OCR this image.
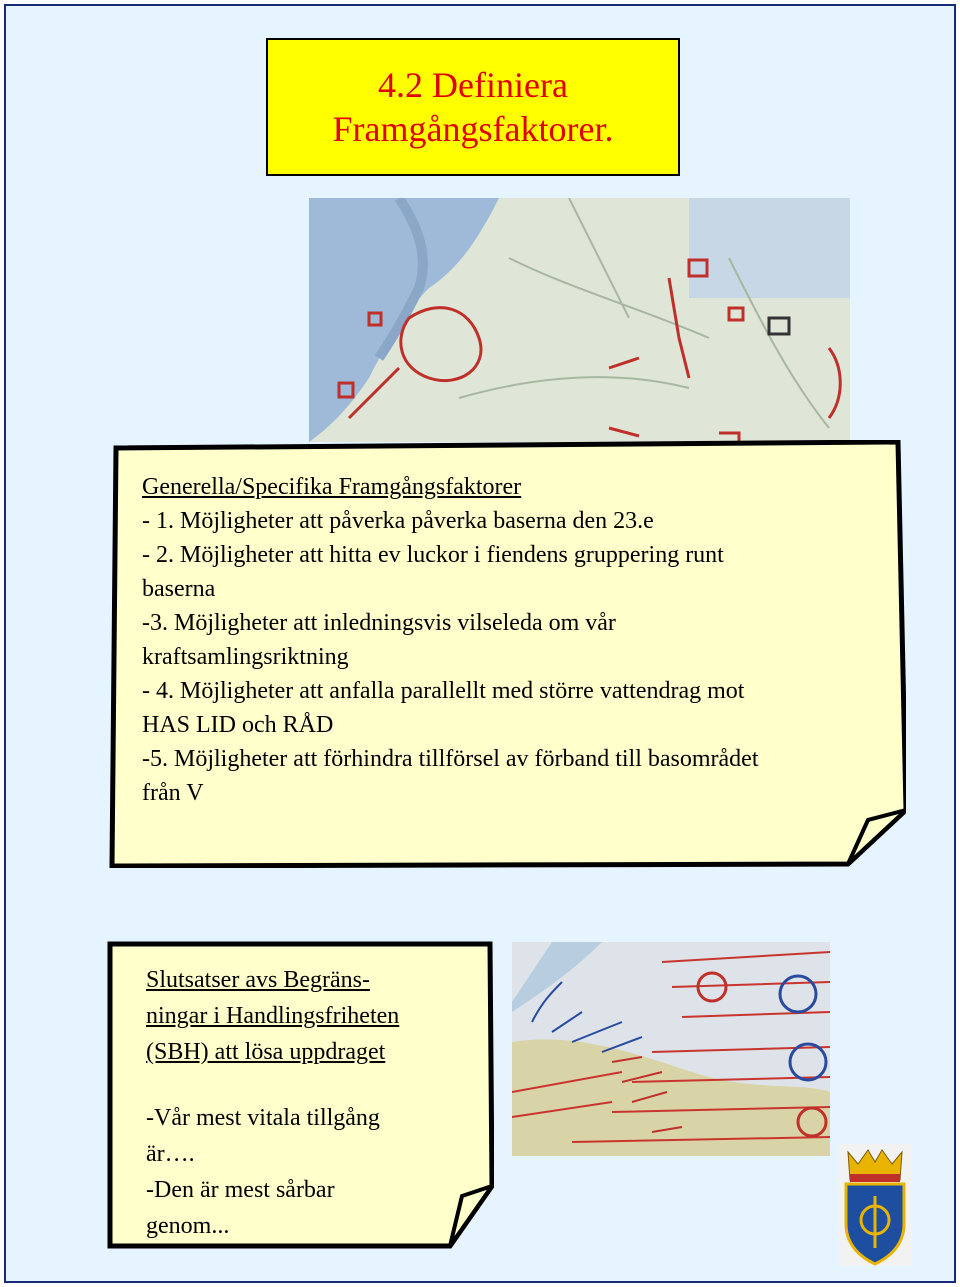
4.2 Definiera
Framgångsfaktorer.
Generella/Specifika Framgångsfaktorer
- 1. Möjligheter att påverka påverka baserna den 23.e
- 2. Möjligheter att hitta ev luckor i fiendens gruppering runt
baserna
-3. Möjligheter att inledningsvis vilseleda om vår
kraftsamlingsriktning
- 4. Möjligheter att anfalla parallellt med större vattendrag mot
HAS LID och RÅD
-5. Möjligheter att förhindra tillförsel av förband till basområdet
från V
Slutsatser avs Begräns-
ningar i Handlingsfriheten
(SBH) att lösa uppdraget
-Vår mest vitala tillgång
är….
-Den är mest sårbar
genom...
